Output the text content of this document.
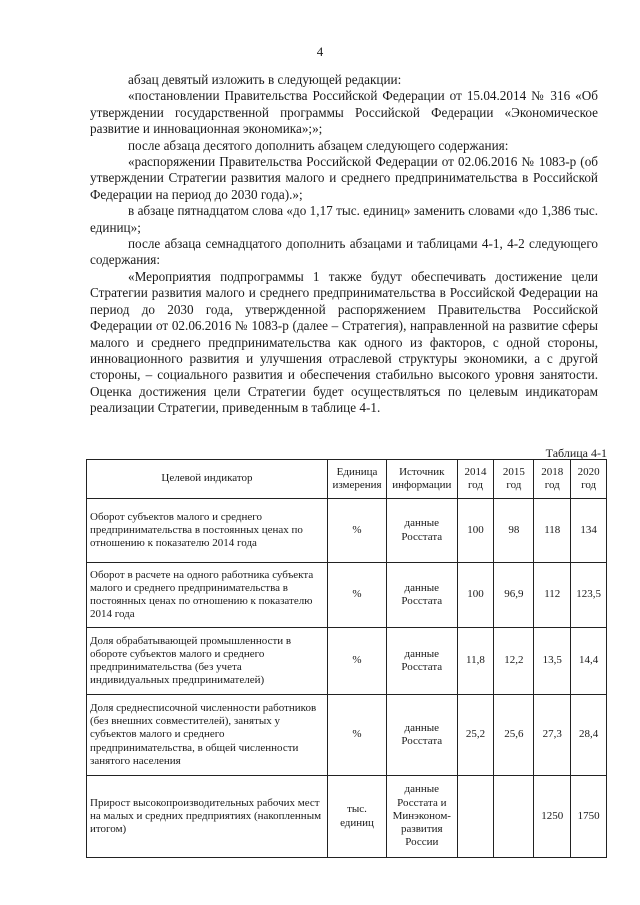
4

абзац девятый изложить в следующей редакции:

«постановлении Правительства Российской Федерации от 15.04.2014 № 316 «Об утверждении государственной программы Российской Федерации «Экономическое развитие и инновационная экономика»;»;

после абзаца десятого дополнить абзацем следующего содержания:

«распоряжении Правительства Российской Федерации от 02.06.2016 № 1083-р (об утверждении Стратегии развития малого и среднего предпринимательства в Российской Федерации на период до 2030 года).»;

в абзаце пятнадцатом слова «до 1,17 тыс. единиц» заменить словами «до 1,386 тыс. единиц»;

после абзаца семнадцатого дополнить абзацами и таблицами 4-1, 4-2 следующего содержания:

«Мероприятия подпрограммы 1 также будут обеспечивать достижение цели Стратегии развития малого и среднего предпринимательства в Российской Федерации на период до 2030 года, утвержденной распоряжением Правительства Российской Федерации от 02.06.2016 № 1083-р (далее – Стратегия), направленной на развитие сферы малого и среднего предпринимательства как одного из факторов, с одной стороны, инновационного развития и улучшения отраслевой структуры экономики, а с другой стороны, – социального развития и обеспечения стабильно высокого уровня занятости. Оценка достижения цели Стратегии будет осуществляться по целевым индикаторам реализации Стратегии, приведенным в таблице 4-1.

Таблица 4-1
Целевой индикатор	Единица измерения	Источник информации	2014 год	2015 год	2018 год	2020 год
Оборот субъектов малого и среднего предпринимательства в постоянных ценах по отношению к показателю 2014 года	%	данные Росстата	100	98	118	134
Оборот в расчете на одного работника субъекта малого и среднего предпринимательства в постоянных ценах по отношению к показателю 2014 года	%	данные Росстата	100	96,9	112	123,5
Доля обрабатывающей промышленности в обороте субъектов малого и среднего предпринимательства (без учета индивидуальных предпринимателей)	%	данные Росстата	11,8	12,2	13,5	14,4
Доля среднесписочной численности работников (без внешних совместителей), занятых у субъектов малого и среднего предпринимательства, в общей численности занятого населения	%	данные Росстата	25,2	25,6	27,3	28,4
Прирост высокопроизводительных рабочих мест на малых и средних предприятиях (накопленным итогом)	тыс. единиц	данные Росстата и Минэконом-развития России			1250	1750
